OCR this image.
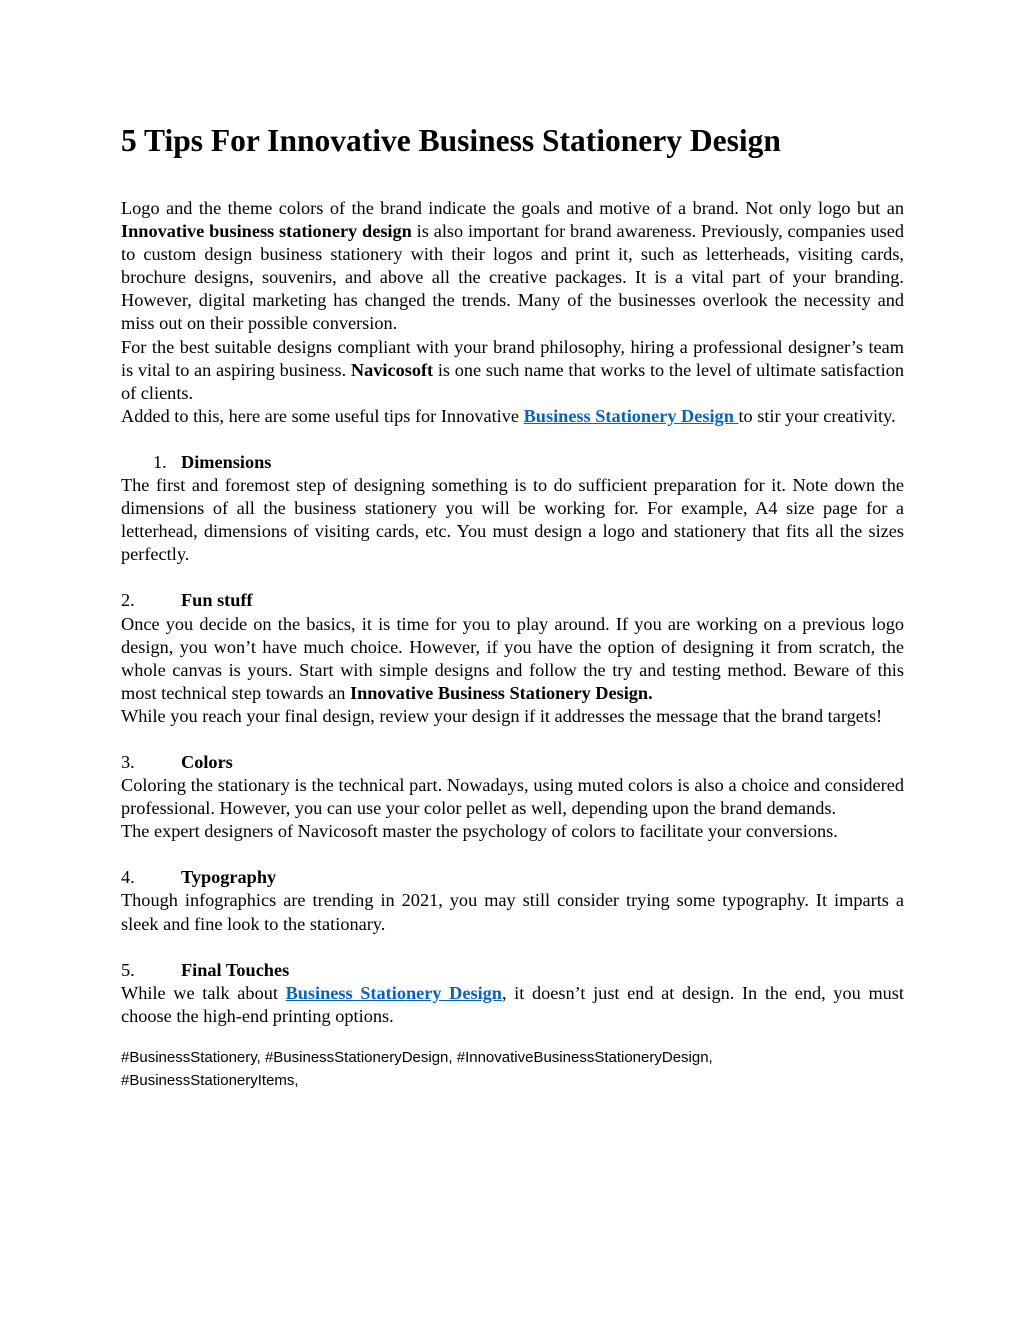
5 Tips For Innovative Business Stationery Design

Logo and the theme colors of the brand indicate the goals and motive of a brand. Not only logo but an Innovative business stationery design is also important for brand awareness. Previously, companies used to custom design business stationery with their logos and print it, such as letterheads, visiting cards, brochure designs, souvenirs, and above all the creative packages. It is a vital part of your branding. However, digital marketing has changed the trends. Many of the businesses overlook the necessity and miss out on their possible conversion.

For the best suitable designs compliant with your brand philosophy, hiring a professional designer’s team is vital to an aspiring business. Navicosoft is one such name that works to the level of ultimate satisfaction of clients.

Added to this, here are some useful tips for Innovative Business Stationery Design to stir your creativity.

1. Dimensions

The first and foremost step of designing something is to do sufficient preparation for it. Note down the dimensions of all the business stationery you will be working for. For example, A4 size page for a letterhead, dimensions of visiting cards, etc. You must design a logo and stationery that fits all the sizes perfectly.

2.	Fun stuff

Once you decide on the basics, it is time for you to play around. If you are working on a previous logo design, you won’t have much choice. However, if you have the option of designing it from scratch, the whole canvas is yours. Start with simple designs and follow the try and testing method. Beware of this most technical step towards an Innovative Business Stationery Design.

While you reach your final design, review your design if it addresses the message that the brand targets!

3.	Colors

Coloring the stationary is the technical part. Nowadays, using muted colors is also a choice and considered professional. However, you can use your color pellet as well, depending upon the brand demands.

The expert designers of Navicosoft master the psychology of colors to facilitate your conversions.

4.	Typography

Though infographics are trending in 2021, you may still consider trying some typography. It imparts a sleek and fine look to the stationary.

5.	Final Touches

While we talk about Business Stationery Design, it doesn’t just end at design. In the end, you must choose the high-end printing options.

#BusinessStationery, #BusinessStationeryDesign, #InnovativeBusinessStationeryDesign,
#BusinessStationeryItems,
